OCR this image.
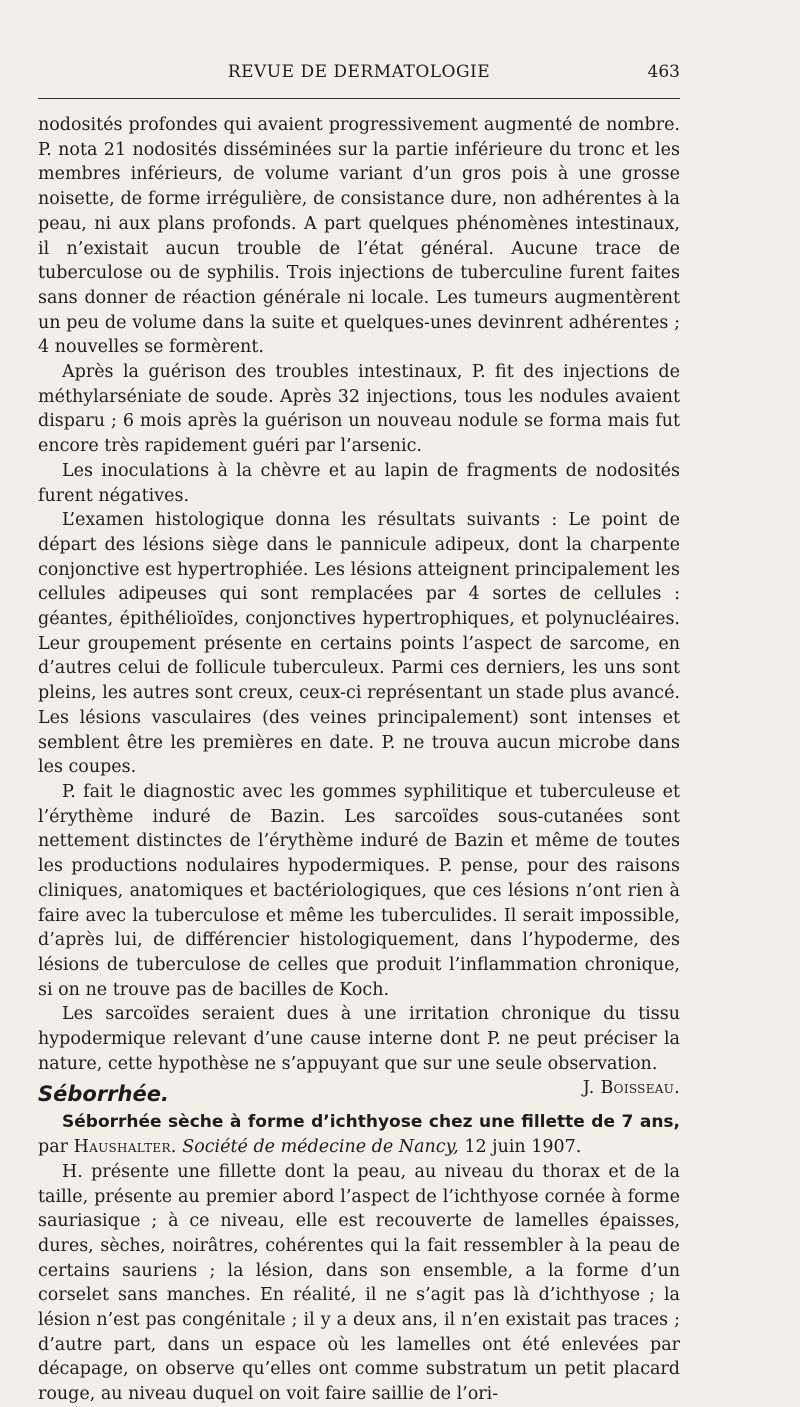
REVUE DE DERMATOLOGIE	463

nodosités profondes qui avaient progressivement augmenté de nombre. P. nota 21 nodosités disséminées sur la partie inférieure du tronc et les membres inférieurs, de volume variant d’un gros pois à une grosse noisette, de forme irrégulière, de consistance dure, non adhérentes à la peau, ni aux plans profonds. A part quelques phénomènes intestinaux, il n’existait aucun trouble de l’état général. Aucune trace de tuberculose ou de syphilis. Trois injections de tuberculine furent faites sans donner de réaction générale ni locale. Les tumeurs augmentèrent un peu de volume dans la suite et quelques-unes devinrent adhérentes ; 4 nouvelles se formèrent.

Après la guérison des troubles intestinaux, P. fit des injections de méthylarséniate de soude. Après 32 injections, tous les nodules avaient disparu ; 6 mois après la guérison un nouveau nodule se forma mais fut encore très rapidement guéri par l’arsenic.

Les inoculations à la chèvre et au lapin de fragments de nodosités furent négatives.

L’examen histologique donna les résultats suivants : Le point de départ des lésions siège dans le pannicule adipeux, dont la charpente conjonctive est hypertrophiée. Les lésions atteignent principalement les cellules adipeuses qui sont remplacées par 4 sortes de cellules : géantes, épithélioïdes, conjonctives hypertrophiques, et polynucléaires. Leur groupement présente en certains points l’aspect de sarcome, en d’autres celui de follicule tuberculeux. Parmi ces derniers, les uns sont pleins, les autres sont creux, ceux-ci représentant un stade plus avancé. Les lésions vasculaires (des veines principalement) sont intenses et semblent être les premières en date. P. ne trouva aucun microbe dans les coupes.

P. fait le diagnostic avec les gommes syphilitique et tuberculeuse et l’érythème induré de Bazin. Les sarcoïdes sous-cutanées sont nettement distinctes de l’érythème induré de Bazin et même de toutes les productions nodulaires hypodermiques. P. pense, pour des raisons cliniques, anatomiques et bactériologiques, que ces lésions n’ont rien à faire avec la tuberculose et même les tuberculides. Il serait impossible, d’après lui, de différencier histologiquement, dans l’hypoderme, des lésions de tuberculose de celles que produit l’inflammation chronique, si on ne trouve pas de bacilles de Koch.

Les sarcoïdes seraient dues à une irritation chronique du tissu hypodermique relevant d’une cause interne dont P. ne peut préciser la nature, cette hypothèse ne s’appuyant que sur une seule observation.
J. Boisseau.

Séborrhée.

Séborrhée sèche à forme d’ichthyose chez une fillette de 7 ans, par Haushalter. Société de médecine de Nancy, 12 juin 1907.

H. présente une fillette dont la peau, au niveau du thorax et de la taille, présente au premier abord l’aspect de l’ichthyose cornée à forme sauriasique ; à ce niveau, elle est recouverte de lamelles épaisses, dures, sèches, noirâtres, cohérentes qui la fait ressembler à la peau de certains sauriens ; la lésion, dans son ensemble, a la forme d’un corselet sans manches. En réalité, il ne s’agit pas là d’ichthyose ; la lésion n’est pas congénitale ; il y a deux ans, il n’en existait pas traces ; d’autre part, dans un espace où les lamelles ont été enlevées par décapage, on observe qu’elles ont comme substratum un petit placard rouge, au niveau duquel on voit faire saillie de l’ori-
